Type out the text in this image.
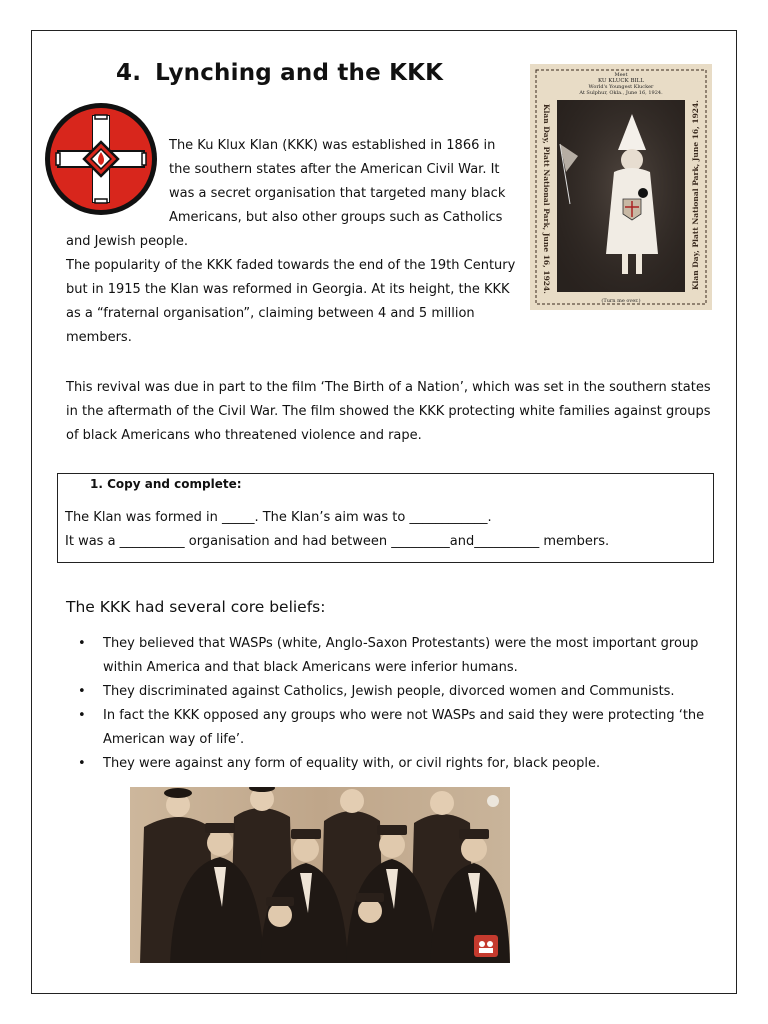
4. Lynching and the KKK	Meet
KU KLUCK BILL
World's Youngest Klucker
At Sulphur, Okla., June 16, 1924.
Klan Day, Platt National Park, June 16, 1924.	Klan Day, Platt National Park, June 16, 1924.
(Turn me over.)

The Ku Klux Klan (KKK) was established in 1866 in the southern states after the American Civil War. It was a secret organisation that targeted many black Americans, but also other groups such as Catholics

and Jewish people.

The popularity of the KKK faded towards the end of the 19th Century but in 1915 the Klan was reformed in Georgia. At its height, the KKK as a “fraternal organisation”, claiming between 4 and 5 million members.

This revival was due in part to the film ‘The Birth of a Nation’, which was set in the southern states in the aftermath of the Civil War. The film showed the KKK protecting white families against groups of black Americans who threatened violence and rape.

1. Copy and complete:
The Klan was formed in _____. The Klan’s aim was to ____________.
It was a __________ organisation and had between _________and__________ members.
The KKK had several core beliefs:
• They believed that WASPs (white, Anglo-Saxon Protestants) were the most important group within America and that black Americans were inferior humans.
• They discriminated against Catholics, Jewish people, divorced women and Communists.
• In fact the KKK opposed any groups who were not WASPs and said they were protecting ‘the American way of life’.
• They were against any form of equality with, or civil rights for, black people.
